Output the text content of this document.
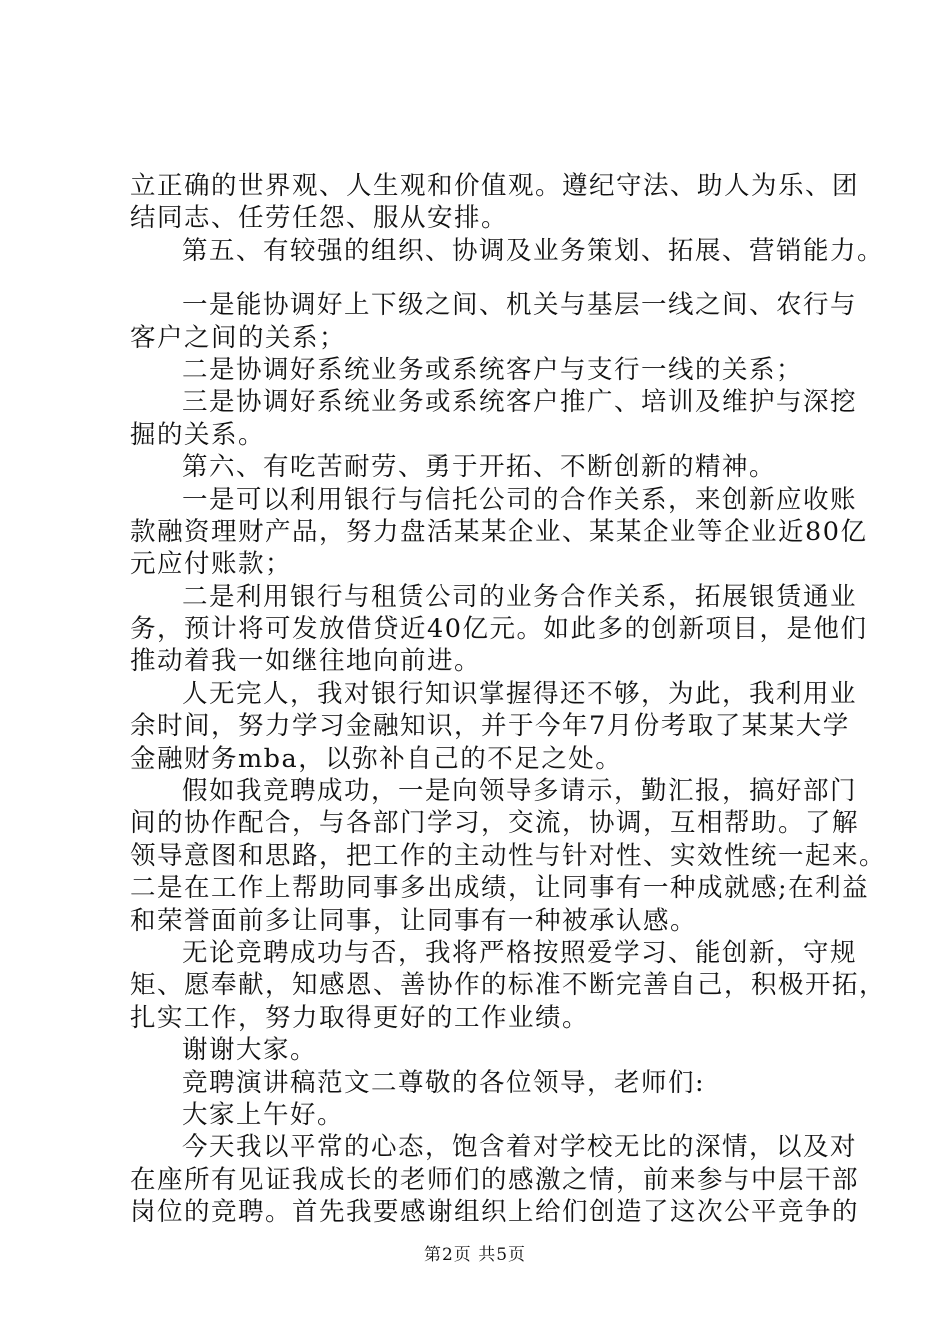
立正确的世界观、人生观和价值观。遵纪守法、助人为乐、团
结同志、任劳任怨、服从安排。
第五、有较强的组织、协调及业务策划、拓展、营销能力。
一是能协调好上下级之间、机关与基层一线之间、农行与
客户之间的关系；
二是协调好系统业务或系统客户与支行一线的关系；
三是协调好系统业务或系统客户推广、培训及维护与深挖
掘的关系。
第六、有吃苦耐劳、勇于开拓、不断创新的精神。
一是可以利用银行与信托公司的合作关系，来创新应收账
款融资理财产品，努力盘活某某企业、某某企业等企业近80亿
元应付账款；
二是利用银行与租赁公司的业务合作关系，拓展银赁通业
务，预计将可发放借贷近40亿元。如此多的创新项目，是他们
推动着我一如继往地向前进。
人无完人，我对银行知识掌握得还不够，为此，我利用业
余时间，努力学习金融知识，并于今年7月份考取了某某大学
金融财务mba，以弥补自己的不足之处。
假如我竞聘成功，一是向领导多请示，勤汇报，搞好部门
间的协作配合，与各部门学习，交流，协调，互相帮助。了解
领导意图和思路，把工作的主动性与针对性、实效性统一起来。
二是在工作上帮助同事多出成绩，让同事有一种成就感;在利益
和荣誉面前多让同事，让同事有一种被承认感。
无论竞聘成功与否，我将严格按照爱学习、能创新，守规
矩、愿奉献，知感恩、善协作的标准不断完善自己，积极开拓，
扎实工作，努力取得更好的工作业绩。
谢谢大家。
竞聘演讲稿范文二尊敬的各位领导，老师们:
大家上午好。
今天我以平常的心态，饱含着对学校无比的深情，以及对
在座所有见证我成长的老师们的感激之情，前来参与中层干部
岗位的竞聘。首先我要感谢组织上给们创造了这次公平竞争的
第2页 共5页
